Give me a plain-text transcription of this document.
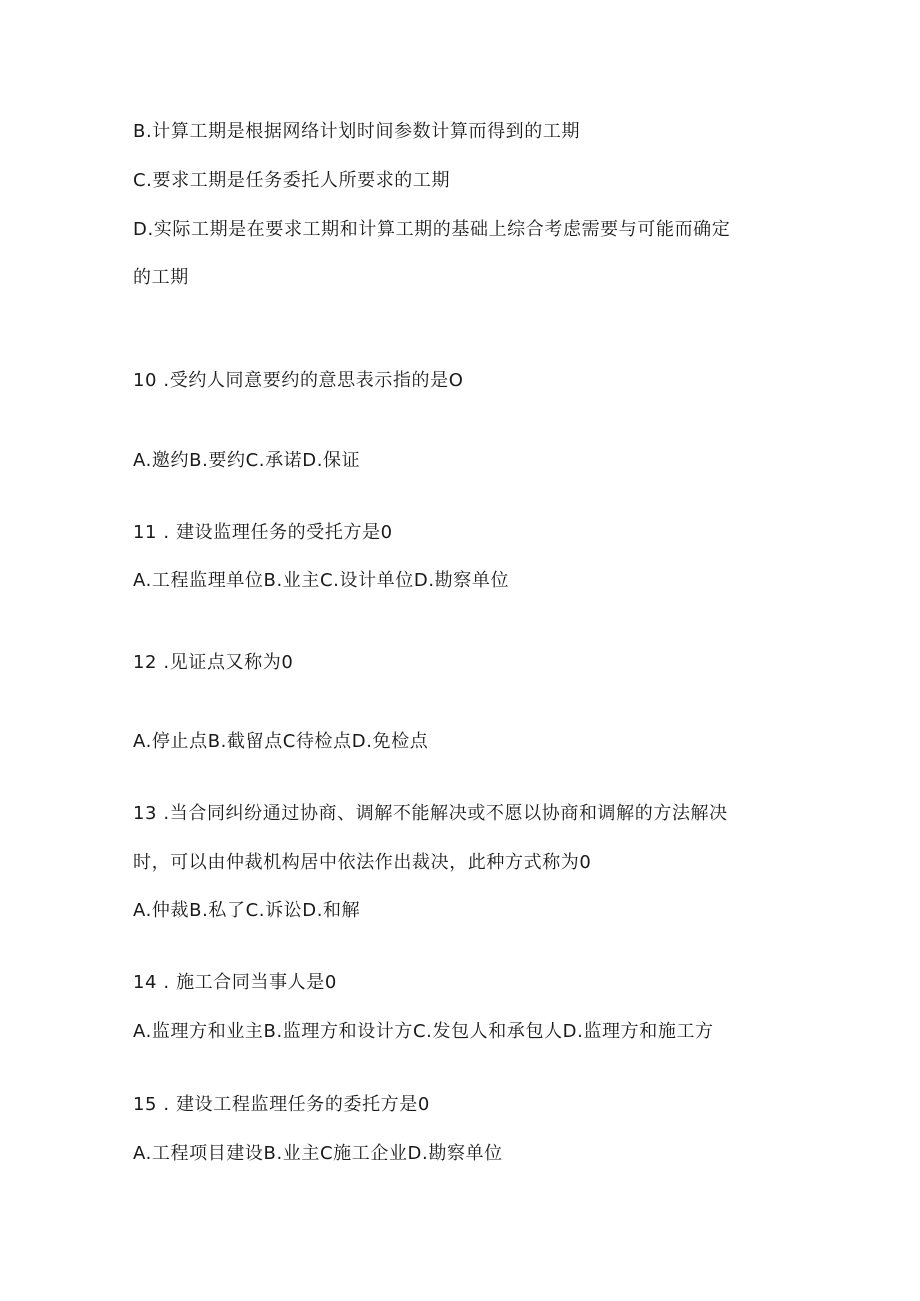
B.计算工期是根据网络计划时间参数计算而得到的工期
C.要求工期是任务委托人所要求的工期
D.实际工期是在要求工期和计算工期的基础上综合考虑需要与可能而确定
的工期
10 .受约人同意要约的意思表示指的是O
A.邀约B.要约C.承诺D.保证
11 . 建设监理任务的受托方是0
A.工程监理单位B.业主C.设计单位D.勘察单位
12 .见证点又称为0
A.停止点B.截留点C待检点D.免检点
13 .当合同纠纷通过协商、调解不能解决或不愿以协商和调解的方法解决
时，可以由仲裁机构居中依法作出裁决，此种方式称为0
A.仲裁B.私了C.诉讼D.和解
14 . 施工合同当事人是0
A.监理方和业主B.监理方和设计方C.发包人和承包人D.监理方和施工方
15 . 建设工程监理任务的委托方是0
A.工程项目建设B.业主C施工企业D.勘察单位
